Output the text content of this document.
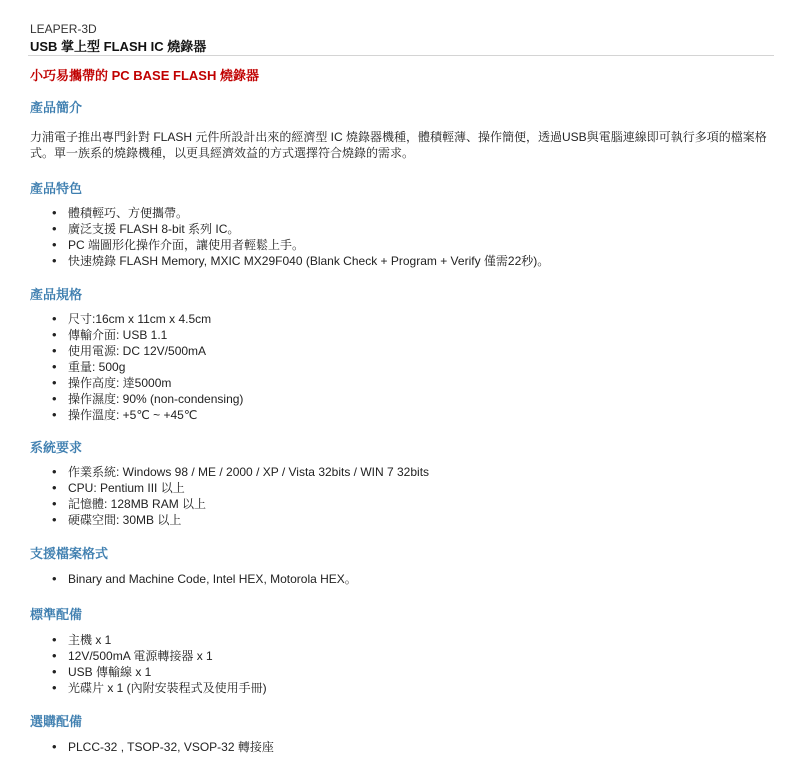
LEAPER-3D
USB 掌上型 FLASH IC 燒錄器
小巧易攜帶的 PC BASE FLASH 燒錄器
產品簡介
力浦電子推出專門針對 FLASH 元件所設計出來的經濟型 IC 燒錄器機種，體積輕薄、操作簡便，透過USB與電腦連線即可執行多項的檔案格式。單一族系的燒錄機種，以更具經濟效益的方式選擇符合燒錄的需求。
產品特色
• 體積輕巧、方便攜帶。
• 廣泛支援 FLASH 8-bit 系列 IC。
• PC 端圖形化操作介面，讓使用者輕鬆上手。
• 快速燒錄 FLASH Memory, MXIC MX29F040 (Blank Check + Program + Verify 僅需22秒)。
產品規格
• 尺寸:16cm x 11cm x 4.5cm
• 傳輸介面: USB 1.1
• 使用電源: DC 12V/500mA
• 重量: 500g
• 操作高度: 達5000m
• 操作濕度: 90% (non-condensing)
• 操作溫度: +5℃ ~ +45℃
系統要求
• 作業系統: Windows 98 / ME / 2000 / XP / Vista 32bits / WIN 7 32bits
• CPU: Pentium III 以上
• 記憶體: 128MB RAM 以上
• 硬碟空間: 30MB 以上
支援檔案格式
• Binary and Machine Code, Intel HEX, Motorola HEX。
標準配備
• 主機 x 1
• 12V/500mA 電源轉接器 x 1
• USB 傳輸線 x 1
• 光碟片 x 1 (內附安裝程式及使用手冊)
選購配備
• PLCC-32 , TSOP-32, VSOP-32 轉接座
